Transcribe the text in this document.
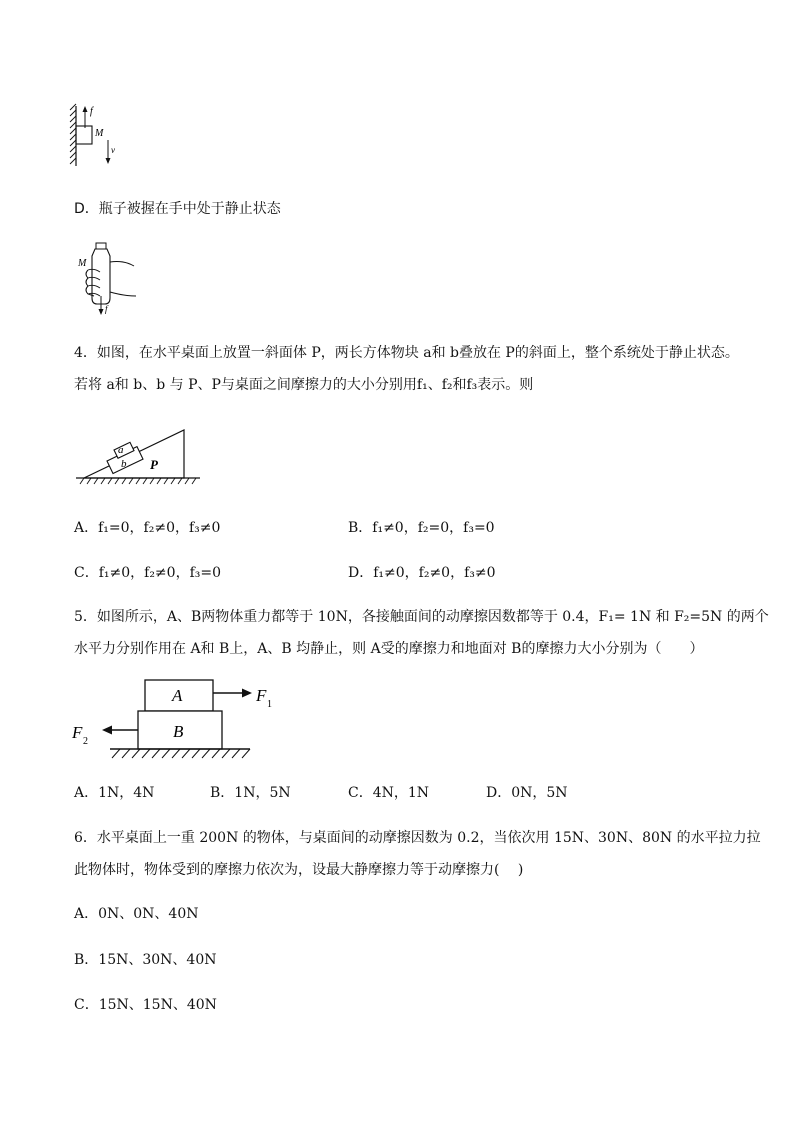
f
M
v
D．瓶子被握在手中处于静止状态
M
f
4．如图，在水平桌面上放置一斜面体 P，两长方体物块 a和 b叠放在 P的斜面上，整个系统处于静止状态。
若将 a和 b、b 与 P、P与桌面之间摩擦力的大小分别用f₁、f₂和f₃表示。则
a
b P
A．f₁=0，f₂≠0，f₃≠0	B．f₁≠0，f₂=0，f₃=0
C．f₁≠0，f₂≠0，f₃=0	D．f₁≠0，f₂≠0，f₃≠0
5．如图所示，A、B两物体重力都等于 10N，各接触面间的动摩擦因数都等于 0.4，F₁= 1N 和 F₂=5N 的两个
水平力分别作用在 A和 B上，A、B 均静止，则 A受的摩擦力和地面对 B的摩擦力大小分别为（　　）
A
B
F 1
F 2
A．1N，4N	B．1N，5N	C．4N，1N	D．0N，5N
6．水平桌面上一重 200N 的物体，与桌面间的动摩擦因数为 0.2，当依次用 15N、30N、80N 的水平拉力拉
此物体时，物体受到的摩擦力依次为，设最大静摩擦力等于动摩擦力(　 )
A．0N、0N、40N
B．15N、30N、40N
C．15N、15N、40N
